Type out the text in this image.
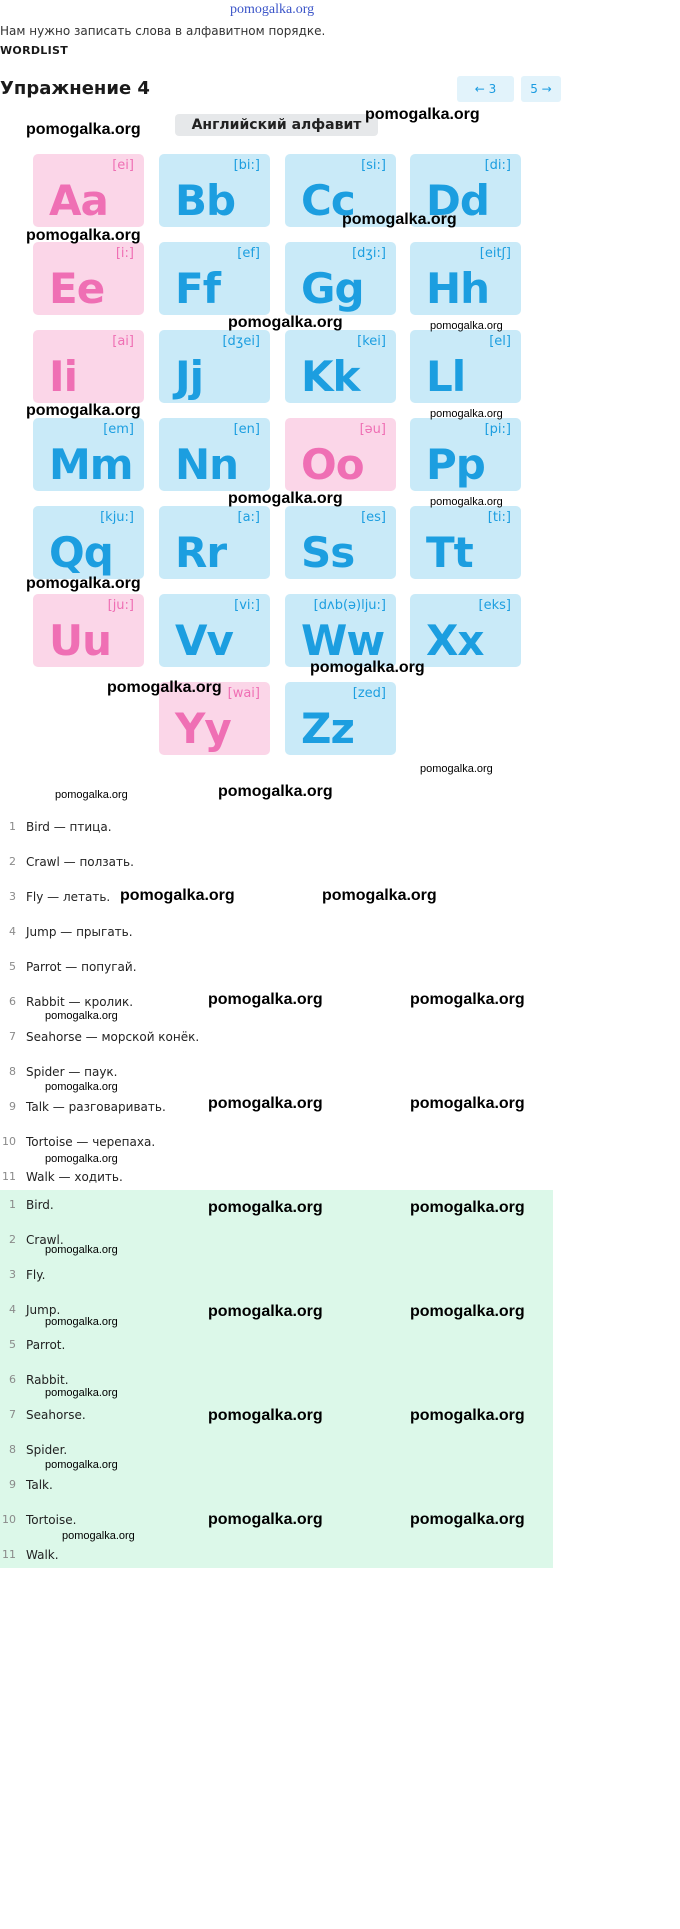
pomogalka.org
Нам нужно записать слова в алфавитном порядке.
WORDLIST
Упражнение 4	← 3	5 →
Английский алфавит
[ei]
Aa
[bi:]
Bb
[si:]
Cc
[di:]
Dd
[i:]
Ee
[ef]
Ff
[dʒi:]
Gg
[eitʃ]
Hh
[ai]
Ii
[dʒei]
Jj
[kei]
Kk
[el]
Ll
[em]
Mm
[en]
Nn
[əu]
Oo
[pi:]
Pp
[kju:]
Qq
[a:]
Rr
[es]
Ss
[ti:]
Tt
[ju:]
Uu
[vi:]
Vv
[dʌb(ə)lju:]
Ww
[eks]
Xx
[wai]
Yy
[zed]
Zz
1 Bird — птица.
2 Crawl — ползать.
3 Fly — летать.
4 Jump — прыгать.
5 Parrot — попугай.
6 Rabbit — кролик.
7 Seahorse — морской конёк.
8 Spider — паук.
9 Talk — разговаривать.
10 Tortoise — черепаха.
11 Walk — ходить.
1 Bird.
2 Crawl.
3 Fly.
4 Jump.
5 Parrot.
6 Rabbit.
7 Seahorse.
8 Spider.
9 Talk.
10 Tortoise.
11 Walk.
pomogalka.org
pomogalka.org
pomogalka.org
pomogalka.org
pomogalka.org	pomogalka.org
pomogalka.org	pomogalka.org
pomogalka.org	pomogalka.org
pomogalka.org
pomogalka.org
pomogalka.org
pomogalka.org
pomogalka.org	pomogalka.org
pomogalka.org	pomogalka.org
pomogalka.org	pomogalka.org
pomogalka.org
pomogalka.org
pomogalka.org	pomogalka.org
pomogalka.org
pomogalka.org	pomogalka.org
pomogalka.org
pomogalka.org	pomogalka.org
pomogalka.org
pomogalka.org
pomogalka.org	pomogalka.org
pomogalka.org
pomogalka.org	pomogalka.org
pomogalka.org
